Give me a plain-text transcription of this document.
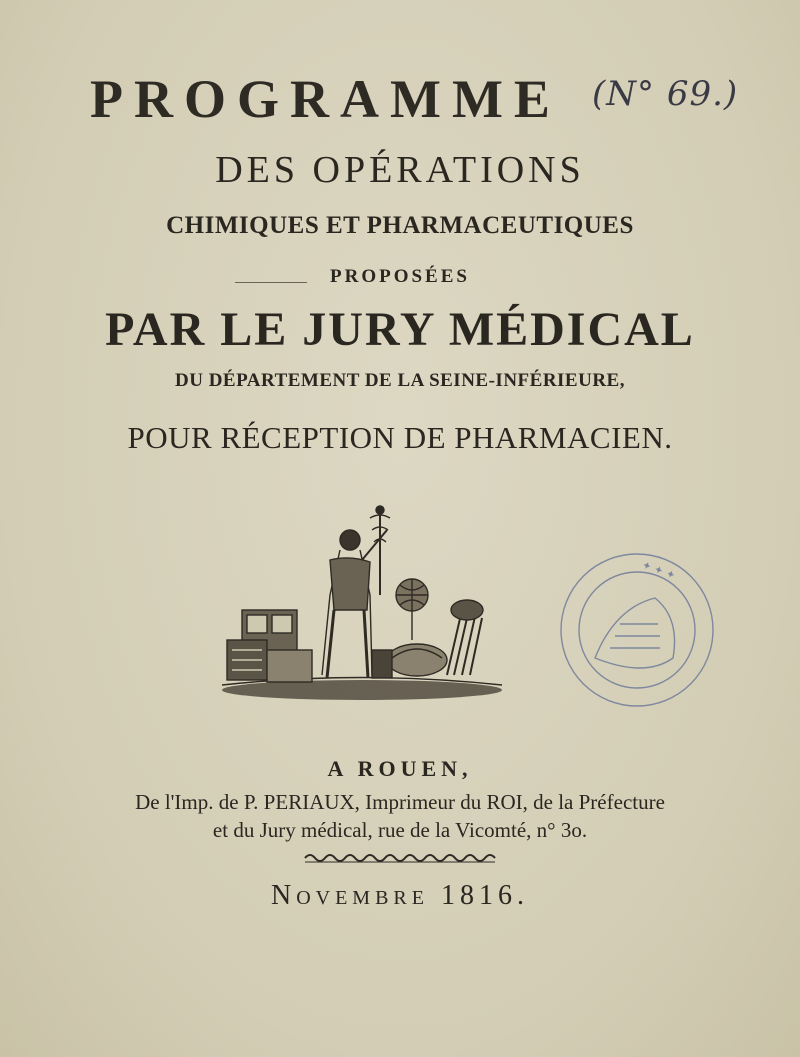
PROGRAMME (N° 69.)
DES OPÉRATIONS
CHIMIQUES ET PHARMACEUTIQUES
PROPOSÉES
PAR LE JURY MÉDICAL
DU DÉPARTEMENT DE LA SEINE-INFÉRIEURE,
POUR RÉCEPTION DE PHARMACIEN.
✦ ✦ ✦
A ROUEN,
De l'Imp. de P. PERIAUX, Imprimeur du ROI, de la Préfecture
et du Jury médical, rue de la Vicomté, n° 3o.
Novembre 1816.
